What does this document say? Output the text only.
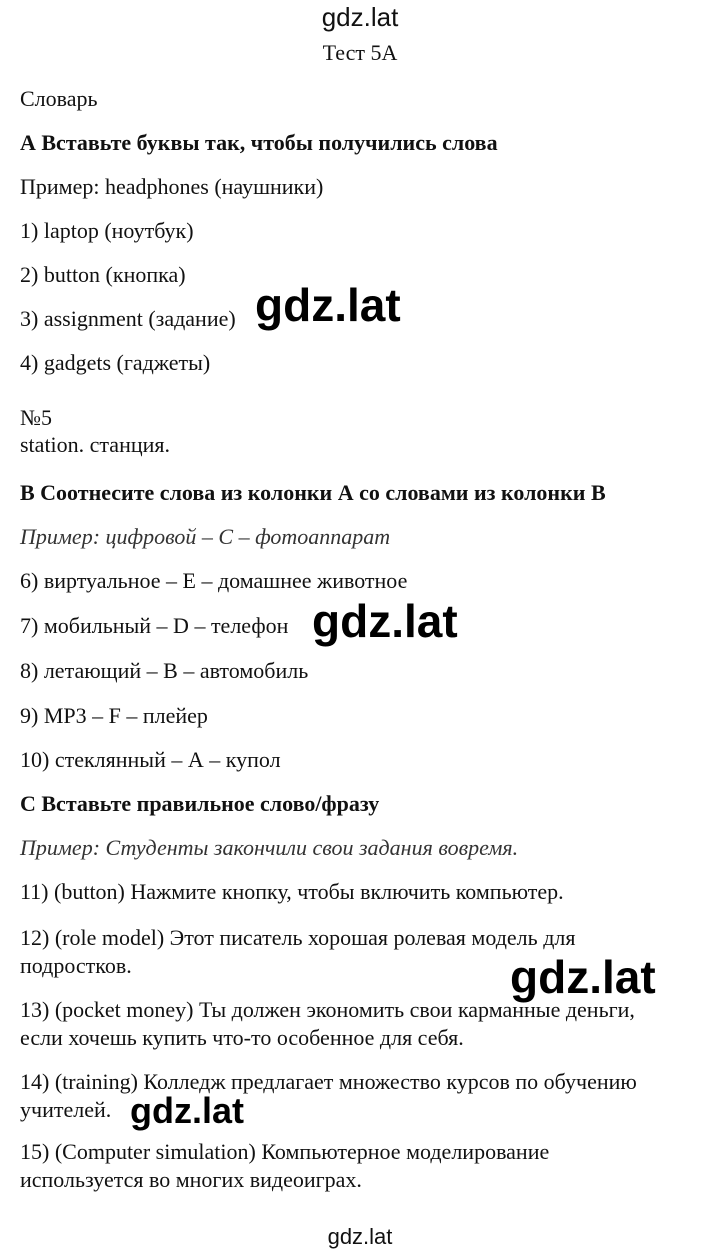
gdz.lat
Тест 5А
Словарь
А Вставьте буквы так, чтобы получились слова
Пример: headphones (наушники)
1) laptop (ноутбук)
2) button (кнопка)
3) assignment (задание)
4) gadgets (гаджеты)
№5
station. станция.
В Соотнесите слова из колонки А со словами из колонки В
Пример: цифровой – С – фотоаппарат
6) виртуальное – Е – домашнее животное
7) мобильный – D – телефон
8) летающий – В – автомобиль
9) MP3 – F – плейер
10) стеклянный – А – купол
С Вставьте правильное слово/фразу
Пример: Студенты закончили свои задания вовремя.
11) (button) Нажмите кнопку, чтобы включить компьютер.
12) (role model) Этот писатель хорошая ролевая модель для
подростков.
13) (pocket money) Ты должен экономить свои карманные деньги,
если хочешь купить что-то особенное для себя.
14) (training) Колледж предлагает множество курсов по обучению
учителей.
15) (Computer simulation) Компьютерное моделирование
используется во многих видеоиграх.
gdz.lat
gdz.lat
gdz.lat
gdz.lat
gdz.lat
